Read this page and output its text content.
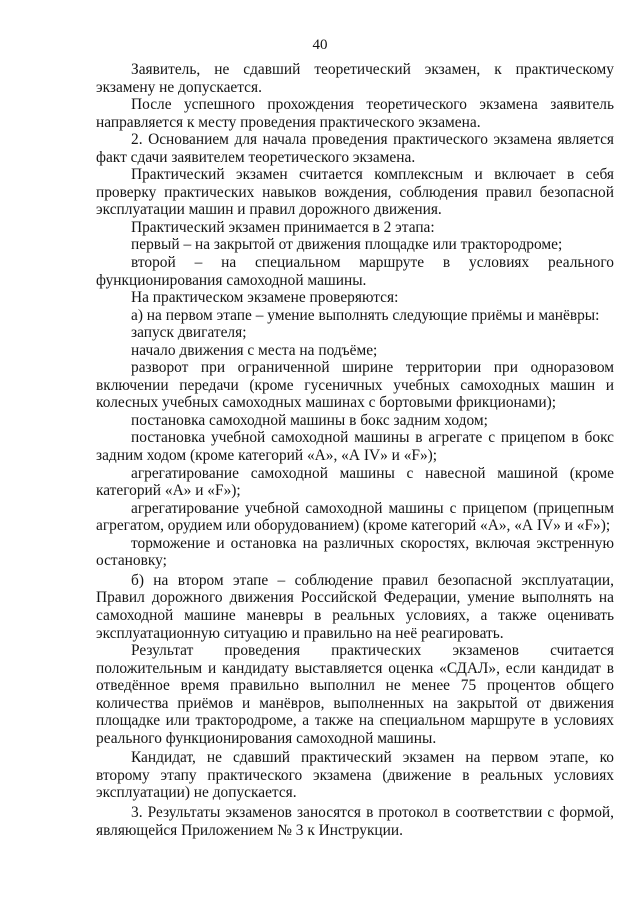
40

Заявитель, не сдавший теоретический экзамен, к практическому экзамену не допускается.

После успешного прохождения теоретического экзамена заявитель направляется к месту проведения практического экзамена.

2. Основанием для начала проведения практического экзамена является факт сдачи заявителем теоретического экзамена.

Практический экзамен считается комплексным и включает в себя проверку практических навыков вождения, соблюдения правил безопасной эксплуатации машин и правил дорожного движения.

Практический экзамен принимается в 2 этапа:

первый – на закрытой от движения площадке или трактородроме;

второй – на специальном маршруте в условиях реального функционирования самоходной машины.

На практическом экзамене проверяются:

а) на первом этапе – умение выполнять следующие приёмы и манёвры:

запуск двигателя;

начало движения с места на подъёме;

разворот при ограниченной ширине территории при одноразовом включении передачи (кроме гусеничных учебных самоходных машин и колесных учебных самоходных машинах с бортовыми фрикционами);

постановка самоходной машины в бокс задним ходом;

постановка учебной самоходной машины в агрегате с прицепом в бокс задним ходом (кроме категорий «А», «А IV» и «F»);

агрегатирование самоходной машины с навесной машиной (кроме категорий «А» и «F»);

агрегатирование учебной самоходной машины с прицепом (прицепным агрегатом, орудием или оборудованием) (кроме категорий «А», «А IV» и «F»);

торможение и остановка на различных скоростях, включая экстренную остановку;

б) на втором этапе – соблюдение правил безопасной эксплуатации, Правил дорожного движения Российской Федерации, умение выполнять на самоходной машине маневры в реальных условиях, а также оценивать эксплуатационную ситуацию и правильно на неё реагировать.

Результат проведения практических экзаменов считается положительным и кандидату выставляется оценка «СДАЛ», если кандидат в отведённое время правильно выполнил не менее 75 процентов общего количества приёмов и манёвров, выполненных на закрытой от движения площадке или трактородроме, а также на специальном маршруте в условиях реального функционирования самоходной машины.

Кандидат, не сдавший практический экзамен на первом этапе, ко второму этапу практического экзамена (движение в реальных условиях эксплуатации) не допускается.

3. Результаты экзаменов заносятся в протокол в соответствии с формой, являющейся Приложением № 3 к Инструкции.
